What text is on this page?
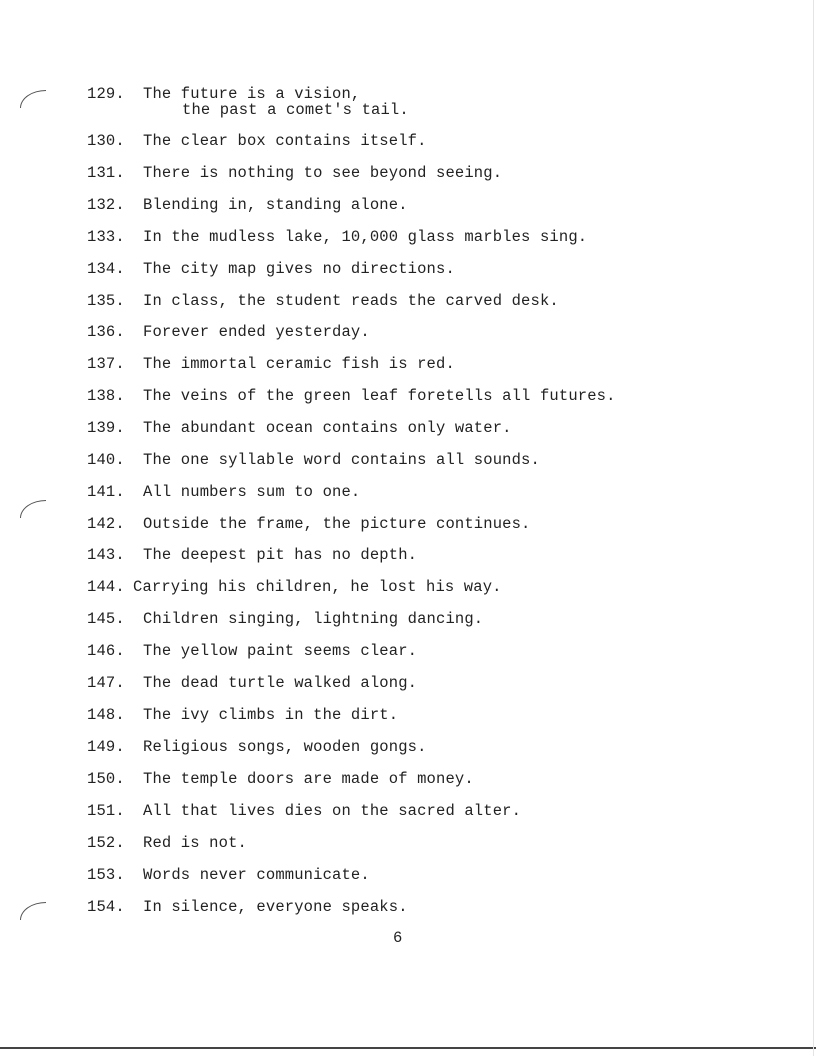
129. The future is a vision,
the past a comet's tail.
130. The clear box contains itself.
131. There is nothing to see beyond seeing.
132. Blending in, standing alone.
133. In the mudless lake, 10,000 glass marbles sing.
134. The city map gives no directions.
135. In class, the student reads the carved desk.
136. Forever ended yesterday.
137. The immortal ceramic fish is red.
138. The veins of the green leaf foretells all futures.
139. The abundant ocean contains only water.
140. The one syllable word contains all sounds.
141. All numbers sum to one.
142. Outside the frame, the picture continues.
143. The deepest pit has no depth.
144. Carrying his children, he lost his way.
145. Children singing, lightning dancing.
146. The yellow paint seems clear.
147. The dead turtle walked along.
148. The ivy climbs in the dirt.
149. Religious songs, wooden gongs.
150. The temple doors are made of money.
151. All that lives dies on the sacred alter.
152. Red is not.
153. Words never communicate.
154. In silence, everyone speaks.
6
